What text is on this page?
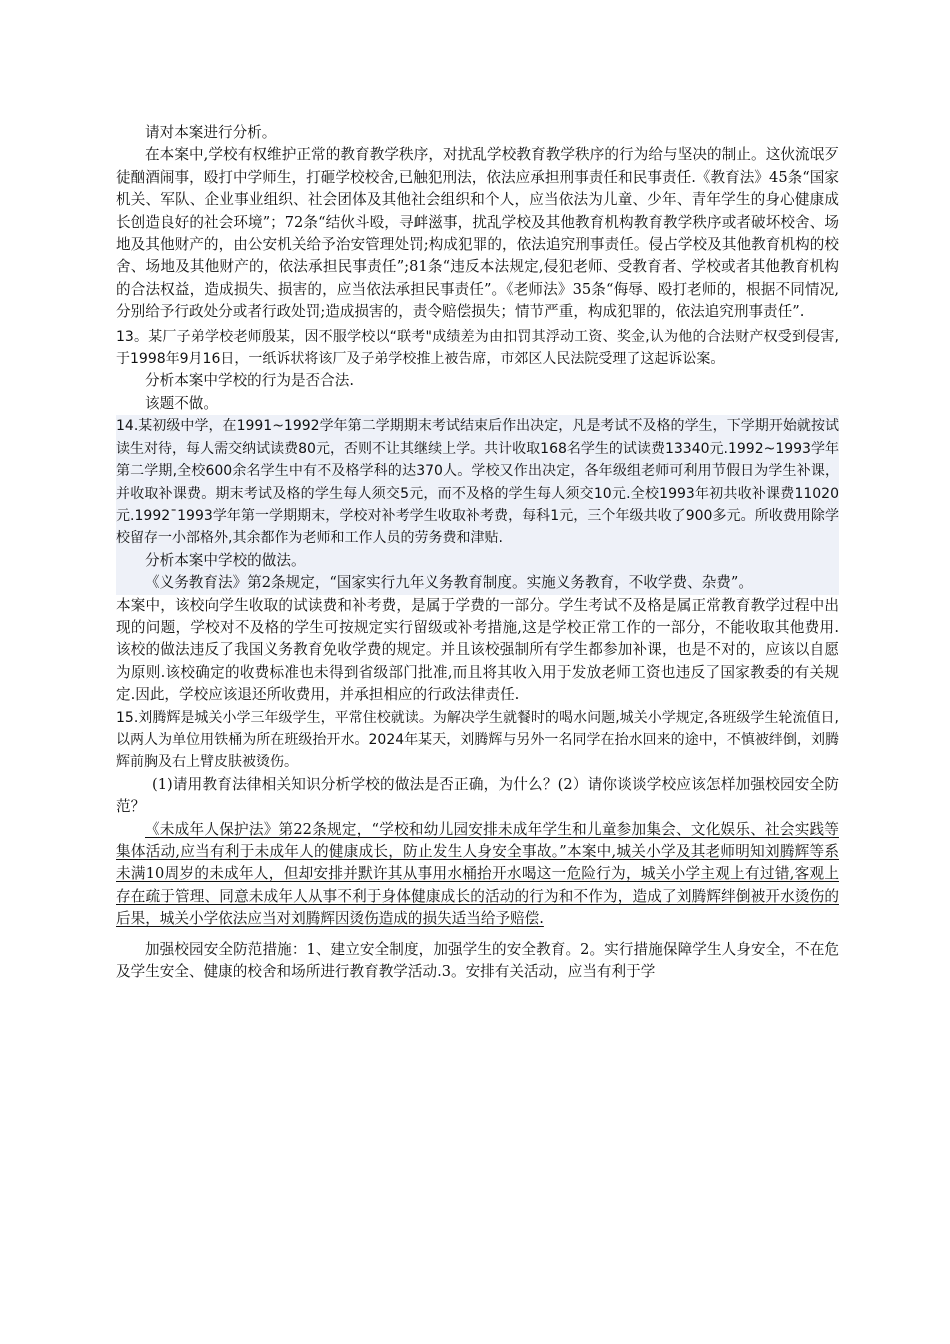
请对本案进行分析。

在本案中,学校有权维护正常的教育教学秩序，对扰乱学校教育教学秩序的行为给与坚决的制止。这伙流氓歹徒酗酒闹事，殴打中学师生，打砸学校校舍,已触犯刑法，依法应承担刑事责任和民事责任.《教育法》45条“国家机关、军队、企业事业组织、社会团体及其他社会组织和个人，应当依法为儿童、少年、青年学生的身心健康成长创造良好的社会环境”；72条“结伙斗殴，寻衅滋事，扰乱学校及其他教育机构教育教学秩序或者破坏校舍、场地及其他财产的，由公安机关给予治安管理处罚;构成犯罪的，依法追究刑事责任。侵占学校及其他教育机构的校舍、场地及其他财产的，依法承担民事责任”;81条“违反本法规定,侵犯老师、受教育者、学校或者其他教育机构的合法权益，造成损失、损害的，应当依法承担民事责任”。《老师法》35条“侮辱、殴打老师的，根据不同情况,分别给予行政处分或者行政处罚;造成损害的，责令赔偿损失；情节严重，构成犯罪的，依法追究刑事责任”.

13。某厂子弟学校老师殷某，因不服学校以“联考"成绩差为由扣罚其浮动工资、奖金,认为他的合法财产权受到侵害,于1998年9月16日，一纸诉状将该厂及子弟学校推上被告席，市郊区人民法院受理了这起诉讼案。

分析本案中学校的行为是否合法.

该题不做。

14.某初级中学，在1991~1992学年第二学期期末考试结束后作出决定，凡是考试不及格的学生，下学期开始就按试读生对待，每人需交纳试读费80元，否则不让其继续上学。共计收取168名学生的试读费13340元.1992~1993学年第二学期,全校600余名学生中有不及格学科的达370人。学校又作出决定，各年级组老师可利用节假日为学生补课，并收取补课费。期末考试及格的学生每人须交5元，而不及格的学生每人须交10元.全校1993年初共收补课费11020元.1992¯1993学年第一学期期末，学校对补考学生收取补考费，每科1元，三个年级共收了900多元。所收费用除学校留存一小部格外,其余都作为老师和工作人员的劳务费和津贴.

分析本案中学校的做法。

《义务教育法》第2条规定，“国家实行九年义务教育制度。实施义务教育，不收学费、杂费”。

本案中，该校向学生收取的试读费和补考费，是属于学费的一部分。学生考试不及格是属正常教育教学过程中出现的问题，学校对不及格的学生可按规定实行留级或补考措施,这是学校正常工作的一部分，不能收取其他费用.该校的做法违反了我国义务教育免收学费的规定。并且该校强制所有学生都参加补课，也是不对的，应该以自愿为原则.该校确定的收费标准也未得到省级部门批准,而且将其收入用于发放老师工资也违反了国家教委的有关规定.因此，学校应该退还所收费用，并承担相应的行政法律责任.

15.刘腾辉是城关小学三年级学生，平常住校就读。为解决学生就餐时的喝水问题,城关小学规定,各班级学生轮流值日,以两人为单位用铁桶为所在班级抬开水。2024年某天，刘腾辉与另外一名同学在抬水回来的途中，不慎被绊倒，刘腾辉前胸及右上臂皮肤被烫伤。

(1)请用教育法律相关知识分析学校的做法是否正确，为什么？(2）请你谈谈学校应该怎样加强校园安全防范？

《未成年人保护法》第22条规定，“学校和幼儿园安排未成年学生和儿童参加集会、文化娱乐、社会实践等集体活动,应当有利于未成年人的健康成长，防止发生人身安全事故。”本案中,城关小学及其老师明知刘腾辉等系未满10周岁的未成年人，但却安排并默许其从事用水桶抬开水喝这一危险行为，城关小学主观上有过错,客观上存在疏于管理、同意未成年人从事不利于身体健康成长的活动的行为和不作为，造成了刘腾辉绊倒被开水烫伤的后果，城关小学依法应当对刘腾辉因烫伤造成的损失适当给予赔偿.

加强校园安全防范措施：1、建立安全制度，加强学生的安全教育。2。实行措施保障学生人身安全，不在危及学生安全、健康的校舍和场所进行教育教学活动.3。安排有关活动，应当有利于学
